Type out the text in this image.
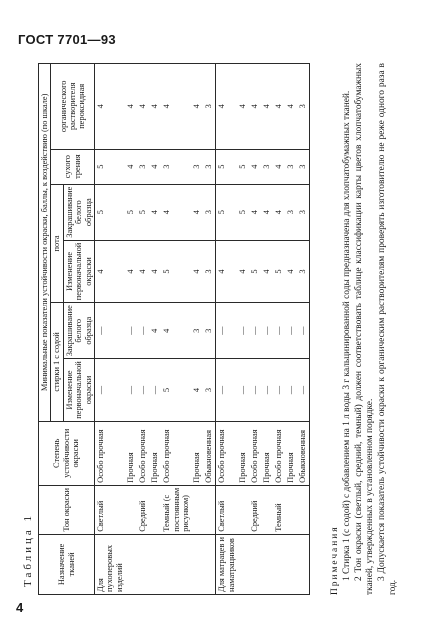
ГОСТ 7701—93
4
Таблица 1	Назначение тканей	Тон окраски	Степень устойчивости окраски	Минимальные показатели устойчивости окраски, баллы, к воздействию (по шкале)					
			стирки 1 с содой		пота		сухого трения	органического растворителя пероксидная
			Изменение первоначальной окраски	Закрашивание белого образца	Изменение первоначальной окраски	Закрашивание белого образца		
Для пухоперовых изделий	Светлый	Особо прочная	—	—	4	5	5	4
		Прочная	—	—	4	5	4	4
	Средний	Особо прочная	—	—	4	5	3	4
		Прочная	—	4	4	4	4	4
	Темный (с постоянным рисунком)	Особо прочная	5	4	5	4	3	4
		Прочная	4	3	4	4	3	4
		Обыкновенная	3	3	3	3	3	3
Для матрацев и наматрацников	Светлый	Особо прочная	—	—	4	5	5	4
		Прочная	—	—	4	5	5	4
	Средний	Особо прочная	—	—	5	4	4	4
		Прочная	—	—	4	4	3	4
	Темный	Особо прочная	—	—	5	4	4	4
		Прочная	—	—	4	3	3	4
		Обыкновенная	—	—	3	3	3	3

Примечания 1 Стирка 1 (с содой) с добавлением на 1 л воды 3 г кальцинированной соды предназначена для хлопчатобумажных тканей. 2 Тон окраски (светлый, средний, темный) должен соответствовать таблице классификации карты цветов хлопчатобумажных тканей, утвержденных в установленном порядке. 3 Допускается показатель устойчивости окраски к органическим растворителям проверять изготовителю не реже одного раза в год.
